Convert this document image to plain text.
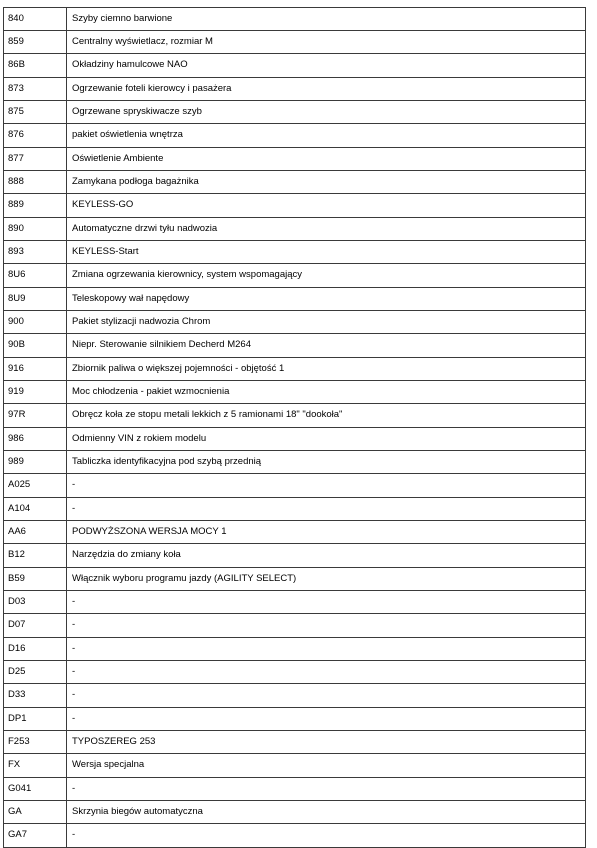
840	Szyby ciemno barwione
859	Centralny wyświetlacz, rozmiar M
86B	Okładziny hamulcowe NAO
873	Ogrzewanie foteli kierowcy i pasażera
875	Ogrzewane spryskiwacze szyb
876	pakiet oświetlenia wnętrza
877	Oświetlenie Ambiente
888	Zamykana podłoga bagażnika
889	KEYLESS-GO
890	Automatyczne drzwi tyłu nadwozia
893	KEYLESS-Start
8U6	Zmiana ogrzewania kierownicy, system wspomagający
8U9	Teleskopowy wał napędowy
900	Pakiet stylizacji nadwozia Chrom
90B	Niepr. Sterowanie silnikiem Decherd M264
916	Zbiornik paliwa o większej pojemności - objętość 1
919	Moc chłodzenia - pakiet wzmocnienia
97R	Obręcz koła ze stopu metali lekkich z 5 ramionami 18" "dookoła"
986	Odmienny VIN z rokiem modelu
989	Tabliczka identyfikacyjna pod szybą przednią
A025	-
A104	-
AA6	PODWYŻSZONA WERSJA MOCY 1
B12	Narzędzia do zmiany koła
B59	Włącznik wyboru programu jazdy (AGILITY SELECT)
D03	-
D07	-
D16	-
D25	-
D33	-
DP1	-
F253	TYPOSZEREG 253
FX	Wersja specjalna
G041	-
GA	Skrzynia biegów automatyczna
GA7	-
